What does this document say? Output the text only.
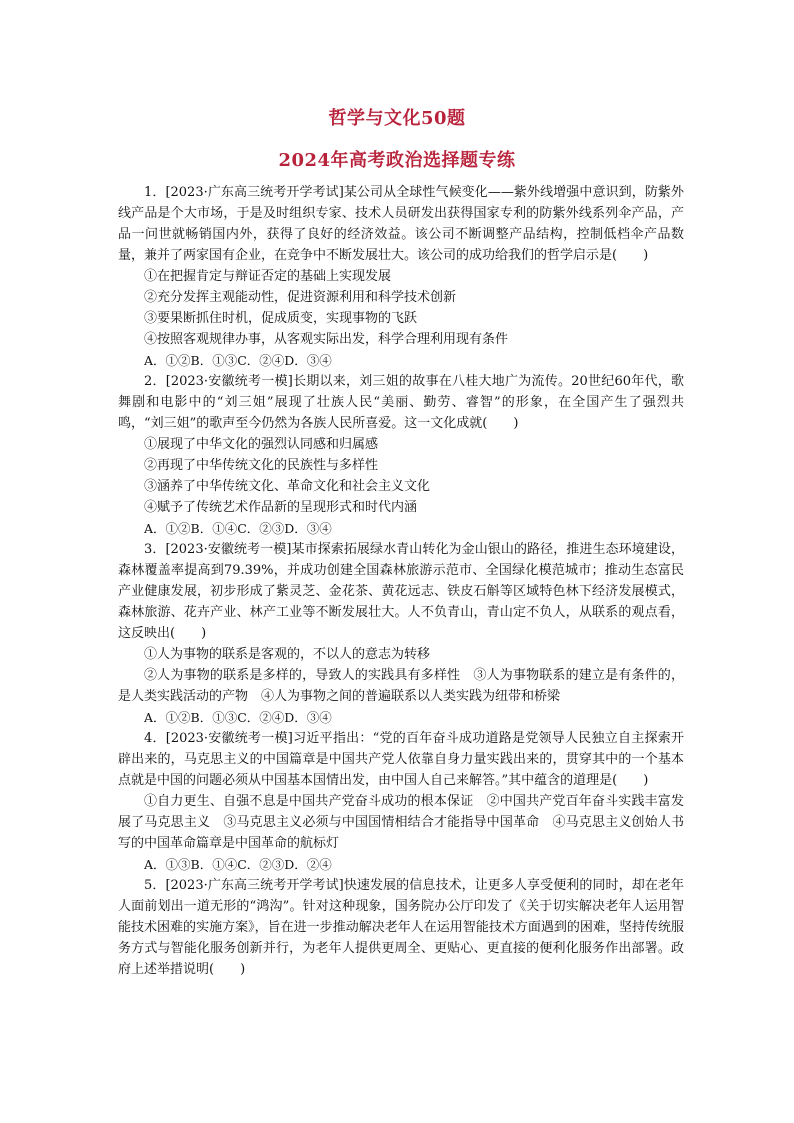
哲学与文化50题
2024年高考政治选择题专练

1．[2023·广东高三统考开学考试]某公司从全球性气候变化——紫外线增强中意识到，防紫外线产品是个大市场，于是及时组织专家、技术人员研发出获得国家专利的防紫外线系列伞产品，产品一问世就畅销国内外，获得了良好的经济效益。该公司不断调整产品结构，控制低档伞产品数量，兼并了两家国有企业，在竞争中不断发展壮大。该公司的成功给我们的哲学启示是(　　)

①在把握肯定与辩证否定的基础上实现发展

②充分发挥主观能动性，促进资源利用和科学技术创新

③要果断抓住时机，促成质变，实现事物的飞跃

④按照客观规律办事，从客观实际出发，科学合理利用现有条件

A．①②B．①③C．②④D．③④

2．[2023·安徽统考一模]长期以来，刘三姐的故事在八桂大地广为流传。20世纪60年代，歌舞剧和电影中的“刘三姐”展现了壮族人民“美丽、勤劳、睿智”的形象，在全国产生了强烈共鸣，“刘三姐”的歌声至今仍然为各族人民所喜爱。这一文化成就(　　)

①展现了中华文化的强烈认同感和归属感

②再现了中华传统文化的民族性与多样性

③涵养了中华传统文化、革命文化和社会主义文化

④赋予了传统艺术作品新的呈现形式和时代内涵

A．①②B．①④C．②③D．③④

3．[2023·安徽统考一模]某市探索拓展绿水青山转化为金山银山的路径，推进生态环境建设，森林覆盖率提高到79.39%，并成功创建全国森林旅游示范市、全国绿化模范城市；推动生态富民产业健康发展，初步形成了紫灵芝、金花茶、黄花远志、铁皮石斛等区域特色林下经济发展模式，森林旅游、花卉产业、林产工业等不断发展壮大。人不负青山，青山定不负人，从联系的观点看，这反映出(　　)

①人为事物的联系是客观的，不以人的意志为转移

②人为事物的联系是多样的，导致人的实践具有多样性　③人为事物联系的建立是有条件的，是人类实践活动的产物　④人为事物之间的普遍联系以人类实践为纽带和桥梁

A．①②B．①③C．②④D．③④

4．[2023·安徽统考一模]习近平指出：“党的百年奋斗成功道路是党领导人民独立自主探索开辟出来的，马克思主义的中国篇章是中国共产党人依靠自身力量实践出来的，贯穿其中的一个基本点就是中国的问题必须从中国基本国情出发，由中国人自己来解答。”其中蕴含的道理是(　　)

①自力更生、自强不息是中国共产党奋斗成功的根本保证　②中国共产党百年奋斗实践丰富发展了马克思主义　③马克思主义必须与中国国情相结合才能指导中国革命　④马克思主义创始人书写的中国革命篇章是中国革命的航标灯

A．①③B．①④C．②③D．②④

5．[2023·广东高三统考开学考试]快速发展的信息技术，让更多人享受便利的同时，却在老年人面前划出一道无形的“鸿沟”。针对这种现象，国务院办公厅印发了《关于切实解决老年人运用智能技术困难的实施方案》，旨在进一步推动解决老年人在运用智能技术方面遇到的困难，坚持传统服务方式与智能化服务创新并行，为老年人提供更周全、更贴心、更直接的便利化服务作出部署。政府上述举措说明(　　)
